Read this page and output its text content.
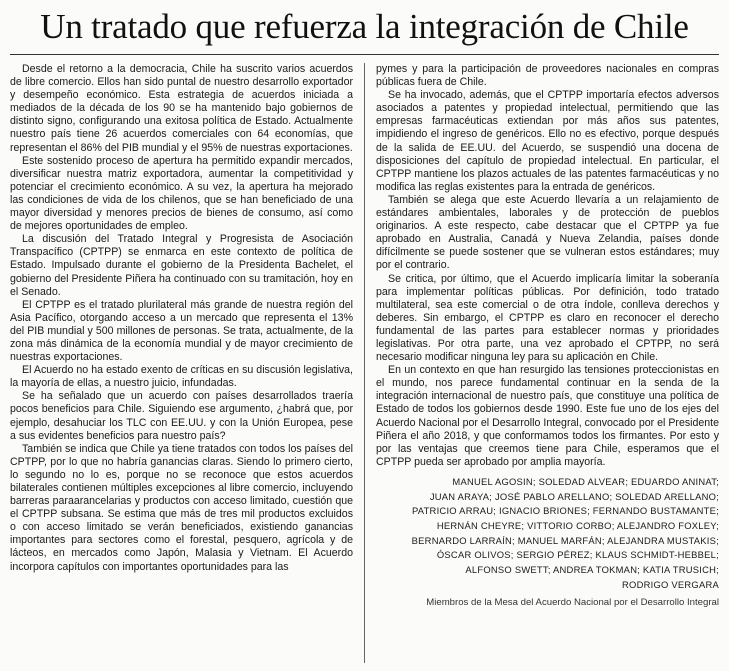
Un tratado que refuerza la integración de Chile

Desde el retorno a la democracia, Chile ha suscrito varios acuerdos de libre comercio. Ellos han sido puntal de nuestro desarrollo exportador y desempeño económico. Esta estrategia de acuerdos iniciada a mediados de la década de los 90 se ha mantenido bajo gobiernos de distinto signo, configurando una exitosa política de Estado. Actualmente nuestro país tiene 26 acuerdos comerciales con 64 economías, que representan el 86% del PIB mundial y el 95% de nuestras exportaciones.

Este sostenido proceso de apertura ha permitido expandir mercados, diversificar nuestra matriz exportadora, aumentar la competitividad y potenciar el crecimiento económico. A su vez, la apertura ha mejorado las condiciones de vida de los chilenos, que se han beneficiado de una mayor diversidad y menores precios de bienes de consumo, así como de mejores oportunidades de empleo.

La discusión del Tratado Integral y Progresista de Asociación Transpacífico (CPTPP) se enmarca en este contexto de política de Estado. Impulsado durante el gobierno de la Presidenta Bachelet, el gobierno del Presidente Piñera ha continuado con su tramitación, hoy en el Senado.

El CPTPP es el tratado plurilateral más grande de nuestra región del Asia Pacífico, otorgando acceso a un mercado que representa el 13% del PIB mundial y 500 millones de personas. Se trata, actualmente, de la zona más dinámica de la economía mundial y de mayor crecimiento de nuestras exportaciones.

El Acuerdo no ha estado exento de críticas en su discusión legislativa, la mayoría de ellas, a nuestro juicio, infundadas.

Se ha señalado que un acuerdo con países desarrollados traería pocos beneficios para Chile. Siguiendo ese argumento, ¿habrá que, por ejemplo, desahuciar los TLC con EE.UU. y con la Unión Europea, pese a sus evidentes beneficios para nuestro país?

También se indica que Chile ya tiene tratados con todos los países del CPTPP, por lo que no habría ganancias claras. Siendo lo primero cierto, lo segundo no lo es, porque no se reconoce que estos acuerdos bilaterales contienen múltiples excepciones al libre comercio, incluyendo barreras paraarancelarias y productos con acceso limitado, cuestión que el CPTPP subsana. Se estima que más de tres mil productos excluidos o con acceso limitado se verán beneficiados, existiendo ganancias importantes para sectores como el forestal, pesquero, agrícola y de lácteos, en mercados como Japón, Malasia y Vietnam. El Acuerdo incorpora capítulos con importantes oportunidades para las

pymes y para la participación de proveedores nacionales en compras públicas fuera de Chile.

Se ha invocado, además, que el CPTPP importaría efectos adversos asociados a patentes y propiedad intelectual, permitiendo que las empresas farmacéuticas extiendan por más años sus patentes, impidiendo el ingreso de genéricos. Ello no es efectivo, porque después de la salida de EE.UU. del Acuerdo, se suspendió una docena de disposiciones del capítulo de propiedad intelectual. En particular, el CPTPP mantiene los plazos actuales de las patentes farmacéuticas y no modifica las reglas existentes para la entrada de genéricos.

También se alega que este Acuerdo llevaría a un relajamiento de estándares ambientales, laborales y de protección de pueblos originarios. A este respecto, cabe destacar que el CPTPP ya fue aprobado en Australia, Canadá y Nueva Zelandia, países donde difícilmente se puede sostener que se vulneran estos estándares; muy por el contrario.

Se critica, por último, que el Acuerdo implicaría limitar la soberanía para implementar políticas públicas. Por definición, todo tratado multilateral, sea este comercial o de otra índole, conlleva derechos y deberes. Sin embargo, el CPTPP es claro en reconocer el derecho fundamental de las partes para establecer normas y prioridades legislativas. Por otra parte, una vez aprobado el CPTPP, no será necesario modificar ninguna ley para su aplicación en Chile.

En un contexto en que han resurgido las tensiones proteccionistas en el mundo, nos parece fundamental continuar en la senda de la integración internacional de nuestro país, que constituye una política de Estado de todos los gobiernos desde 1990. Este fue uno de los ejes del Acuerdo Nacional por el Desarrollo Integral, convocado por el Presidente Piñera el año 2018, y que conformamos todos los firmantes. Por esto y por las ventajas que creemos tiene para Chile, esperamos que el CPTPP pueda ser aprobado por amplia mayoría.

MANUEL AGOSIN; SOLEDAD ALVEAR; EDUARDO ANINAT;
JUAN ARAYA; JOSÉ PABLO ARELLANO; SOLEDAD ARELLANO;
PATRICIO ARRAU; IGNACIO BRIONES; FERNANDO BUSTAMANTE;
HERNÁN CHEYRE; VITTORIO CORBO; ALEJANDRO FOXLEY;
BERNARDO LARRAÍN; MANUEL MARFÁN; ALEJANDRA MUSTAKIS;
ÓSCAR OLIVOS; SERGIO PÉREZ; KLAUS SCHMIDT-HEBBEL;
ALFONSO SWETT; ANDREA TOKMAN; KATIA TRUSICH;
RODRIGO VERGARA
Miembros de la Mesa del Acuerdo Nacional por el Desarrollo Integral
